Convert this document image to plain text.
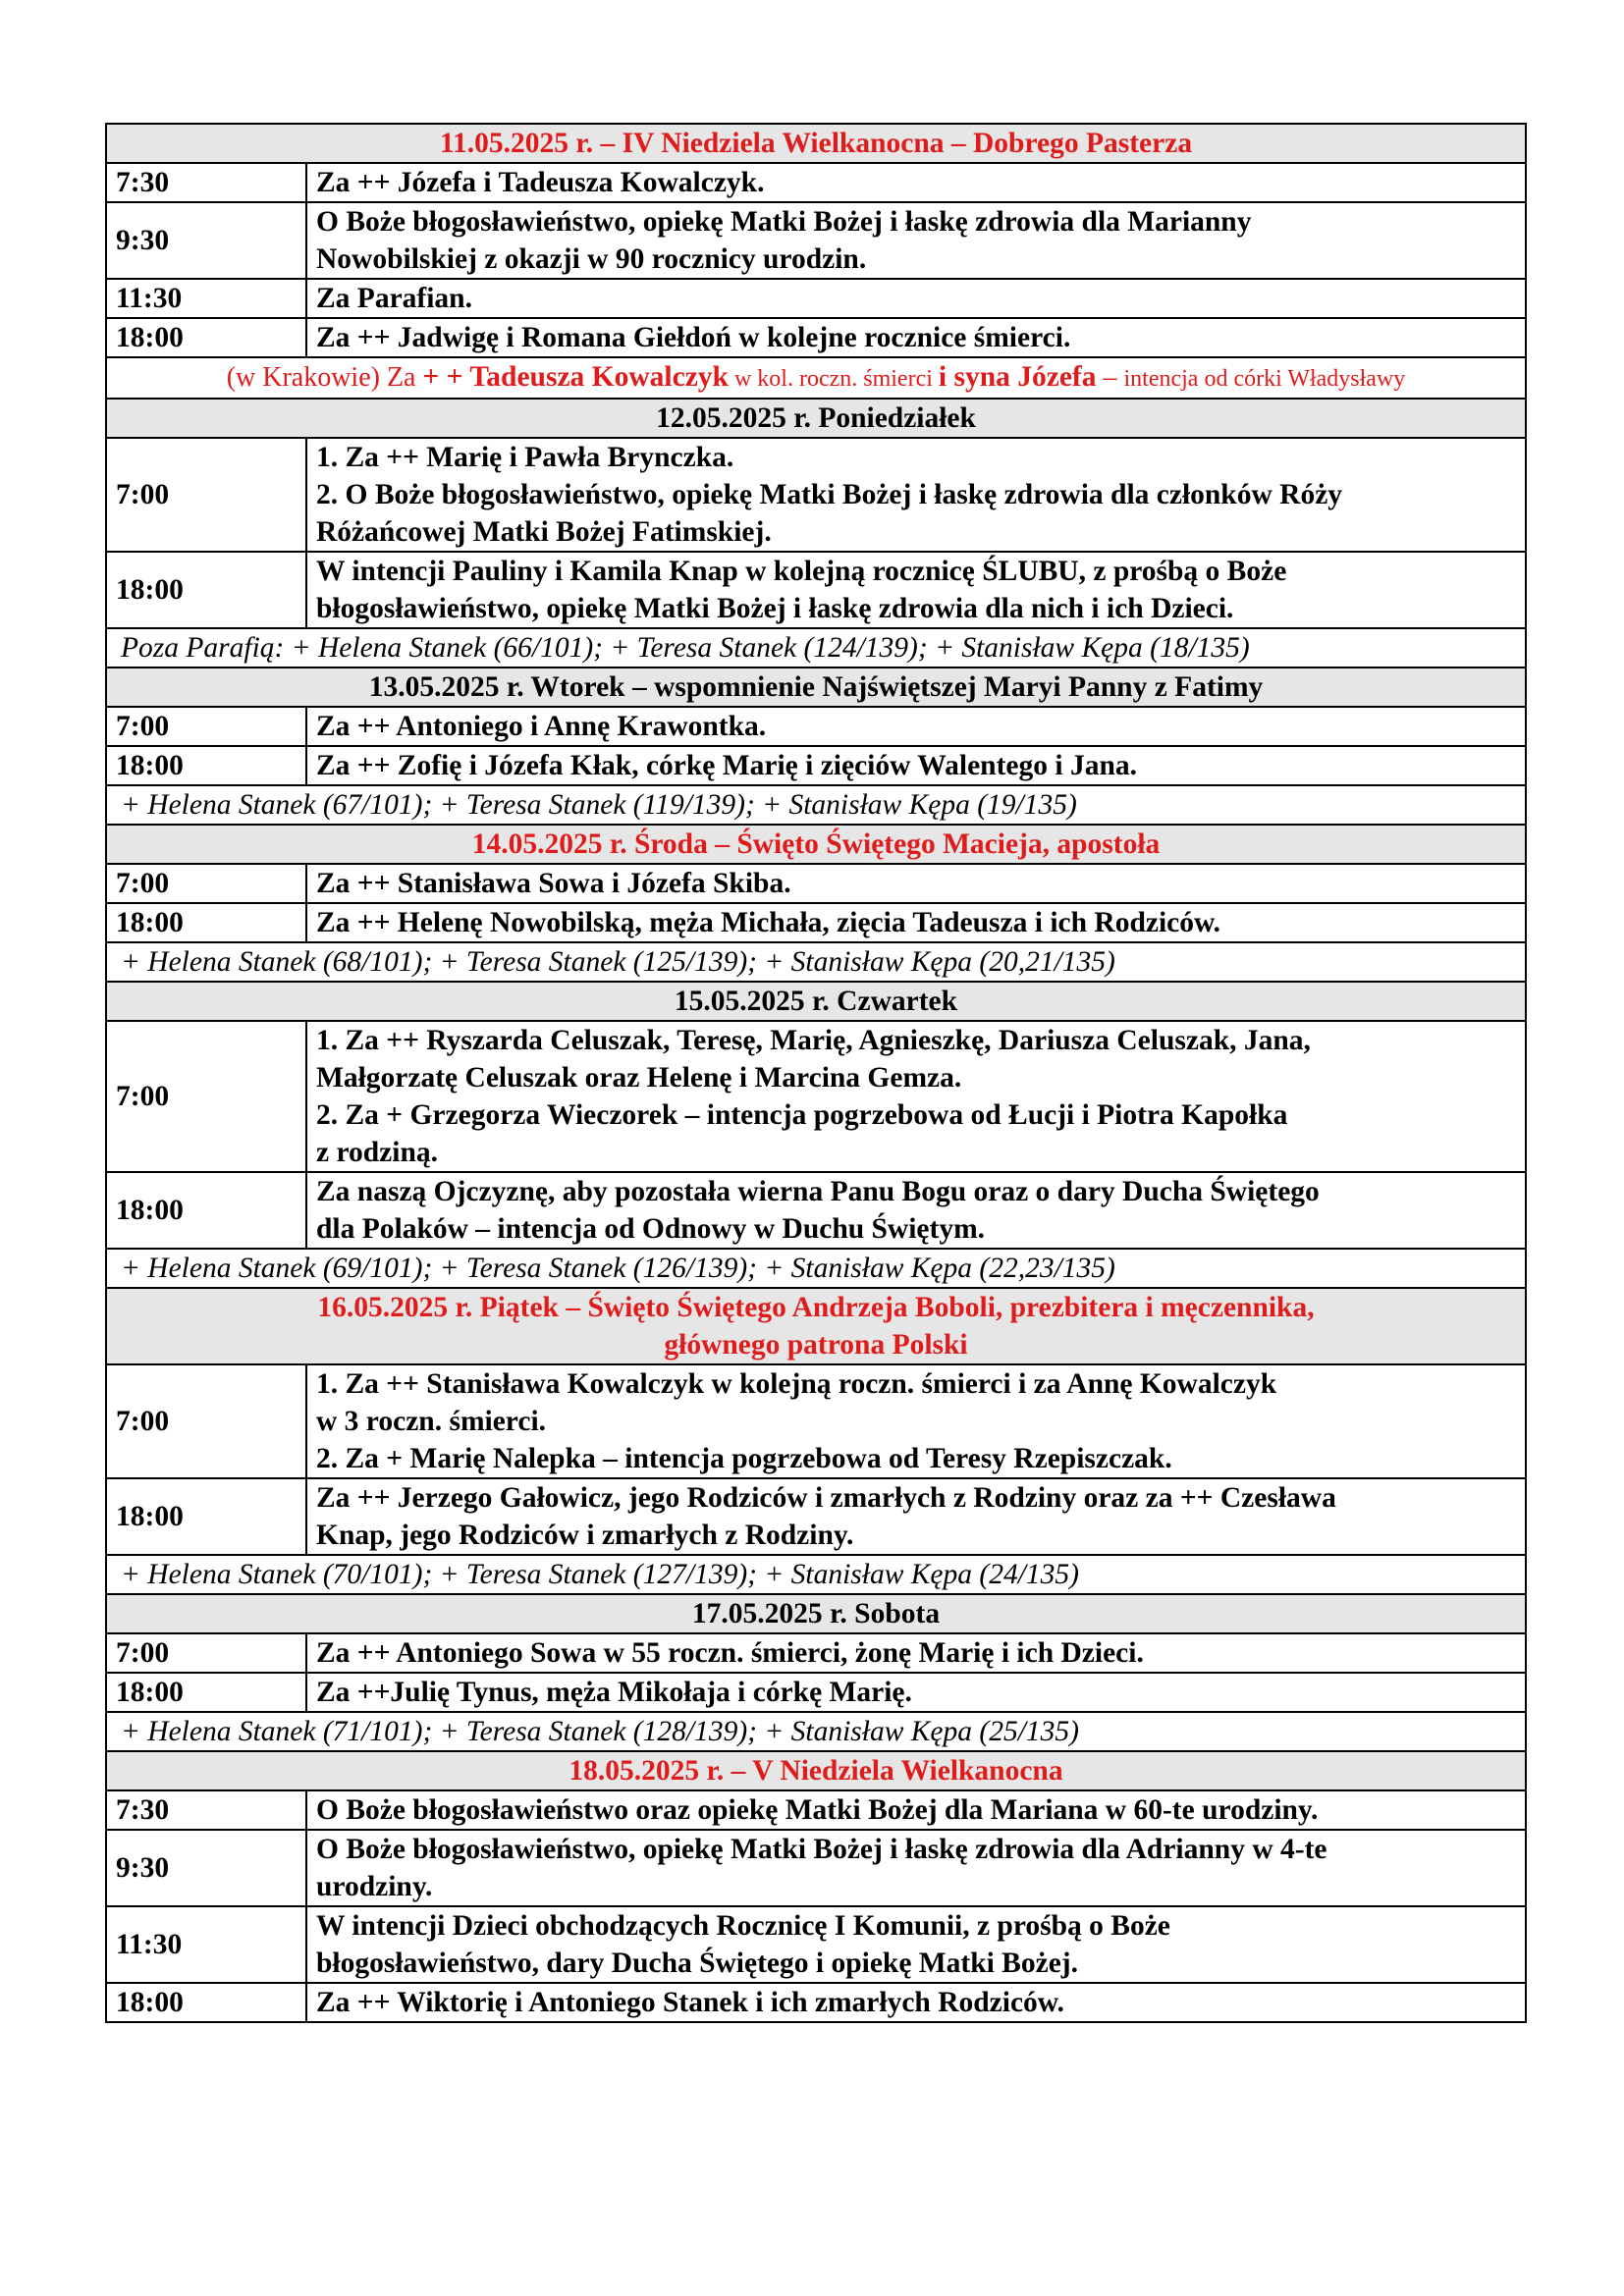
11.05.2025 r. – IV Niedziela Wielkanocna – Dobrego Pasterza	
7:30	Za ++ Józefa i Tadeusza Kowalczyk.

9:30	O Boże błogosławieństwo, opiekę Matki Bożej i łaskę zdrowia dla Marianny
Nowobilskiej z okazji w 90 rocznicy urodzin.

11:30	Za Parafian.

18:00	Za ++ Jadwigę i Romana Giełdoń w kolejne rocznice śmierci.

(w Krakowie) Za + + Tadeusza Kowalczyk w kol. roczn. śmierci i syna Józefa – intencja od córki Władysławy	
12.05.2025 r. Poniedziałek	
7:00	1. Za ++ Marię i Pawła Brynczka.
2. O Boże błogosławieństwo, opiekę Matki Bożej i łaskę zdrowia dla członków Róży
Różańcowej Matki Bożej Fatimskiej.

18:00	W intencji Pauliny i Kamila Knap w kolejną rocznicę ŚLUBU, z prośbą o Boże
błogosławieństwo, opiekę Matki Bożej i łaskę zdrowia dla nich i ich Dzieci.

Poza Parafią: + Helena Stanek (66/101); + Teresa Stanek (124/139); + Stanisław Kępa (18/135)	
13.05.2025 r. Wtorek – wspomnienie Najświętszej Maryi Panny z Fatimy	
7:00	Za ++ Antoniego i Annę Krawontka.

18:00	Za ++ Zofię i Józefa Kłak, córkę Marię i zięciów Walentego i Jana.

+ Helena Stanek (67/101); + Teresa Stanek (119/139); + Stanisław Kępa (19/135)	
14.05.2025 r. Środa – Święto Świętego Macieja, apostoła	
7:00	Za ++ Stanisława Sowa i Józefa Skiba.

18:00	Za ++ Helenę Nowobilską, męża Michała, zięcia Tadeusza i ich Rodziców.

+ Helena Stanek (68/101); + Teresa Stanek (125/139); + Stanisław Kępa (20,21/135)	
15.05.2025 r. Czwartek	
7:00	1. Za ++ Ryszarda Celuszak, Teresę, Marię, Agnieszkę, Dariusza Celuszak, Jana,
Małgorzatę Celuszak oraz Helenę i Marcina Gemza.
2. Za + Grzegorza Wieczorek – intencja pogrzebowa od Łucji i Piotra Kapołka
z rodziną.

18:00	Za naszą Ojczyznę, aby pozostała wierna Panu Bogu oraz o dary Ducha Świętego
dla Polaków – intencja od Odnowy w Duchu Świętym.

+ Helena Stanek (69/101); + Teresa Stanek (126/139); + Stanisław Kępa (22,23/135)	

16.05.2025 r. Piątek – Święto Świętego Andrzeja Boboli, prezbitera i męczennika,
głównego patrona Polski	

7:00	1. Za ++ Stanisława Kowalczyk w kolejną roczn. śmierci i za Annę Kowalczyk
w 3 roczn. śmierci.
2. Za + Marię Nalepka – intencja pogrzebowa od Teresy Rzepiszczak.

18:00	Za ++ Jerzego Gałowicz, jego Rodziców i zmarłych z Rodziny oraz za ++ Czesława
Knap, jego Rodziców i zmarłych z Rodziny.

+ Helena Stanek (70/101); + Teresa Stanek (127/139); + Stanisław Kępa (24/135)	
17.05.2025 r. Sobota	
7:00	Za ++ Antoniego Sowa w 55 roczn. śmierci, żonę Marię i ich Dzieci.

18:00	Za ++Julię Tynus, męża Mikołaja i córkę Marię.

+ Helena Stanek (71/101); + Teresa Stanek (128/139); + Stanisław Kępa (25/135)	
18.05.2025 r. – V Niedziela Wielkanocna	
7:30	O Boże błogosławieństwo oraz opiekę Matki Bożej dla Mariana w 60-te urodziny.

9:30	O Boże błogosławieństwo, opiekę Matki Bożej i łaskę zdrowia dla Adrianny w 4-te
urodziny.

11:30	W intencji Dzieci obchodzących Rocznicę I Komunii, z prośbą o Boże
błogosławieństwo, dary Ducha Świętego i opiekę Matki Bożej.

18:00	Za ++ Wiktorię i Antoniego Stanek i ich zmarłych Rodziców.
